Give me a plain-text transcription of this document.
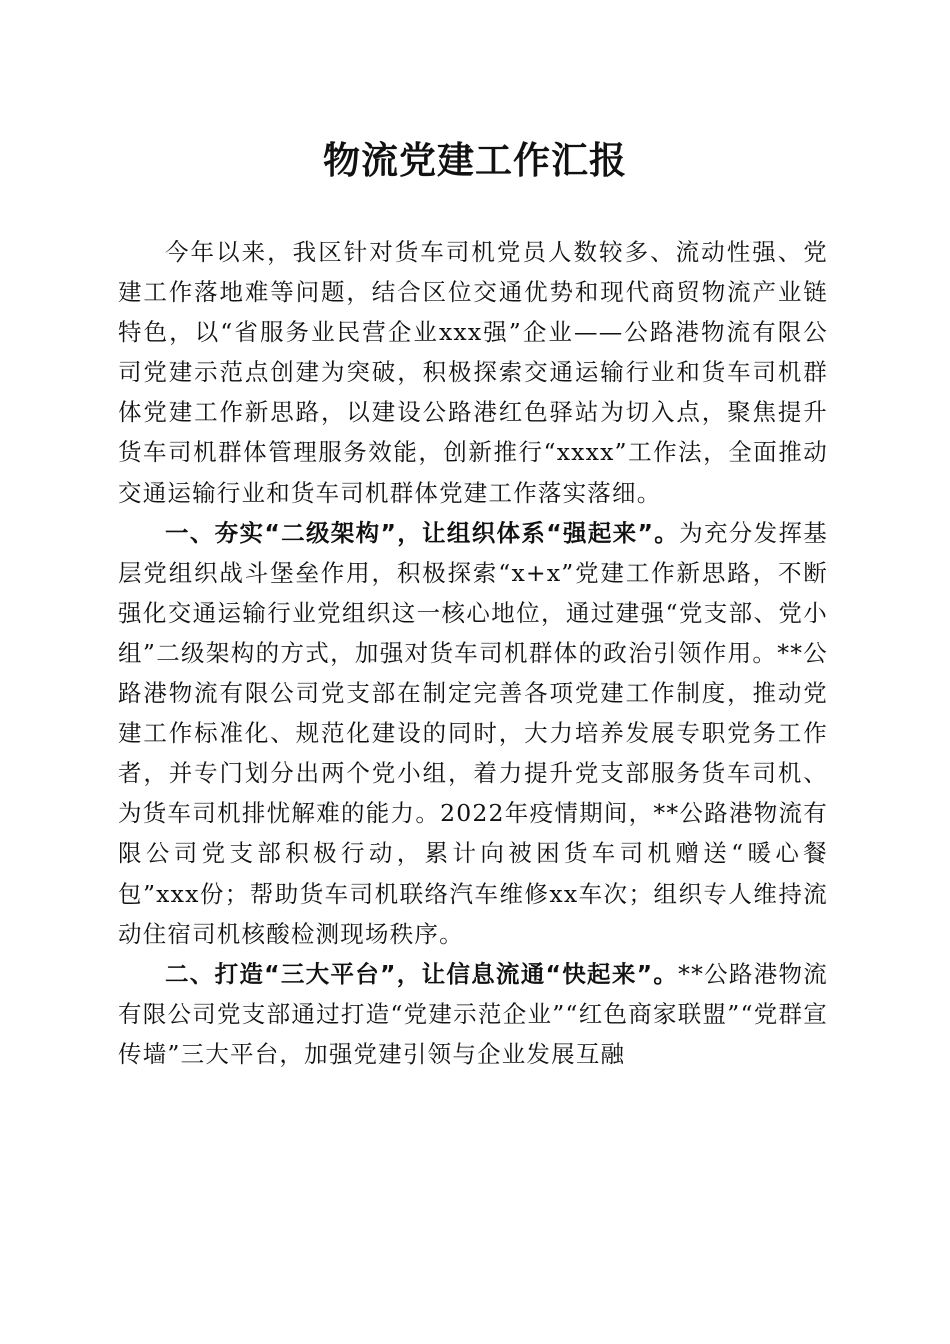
物流党建工作汇报

今年以来，我区针对货车司机党员人数较多、流动性强、党建工作落地难等问题，结合区位交通优势和现代商贸物流产业链特色，以“省服务业民营企业xxx强”企业——公路港物流有限公司党建示范点创建为突破，积极探索交通运输行业和货车司机群体党建工作新思路，以建设公路港红色驿站为切入点，聚焦提升货车司机群体管理服务效能，创新推行“xxxx”工作法，全面推动交通运输行业和货车司机群体党建工作落实落细。

一、夯实“二级架构”，让组织体系“强起来”。为充分发挥基层党组织战斗堡垒作用，积极探索“x+x”党建工作新思路，不断强化交通运输行业党组织这一核心地位，通过建强“党支部、党小组”二级架构的方式，加强对货车司机群体的政治引领作用。**公路港物流有限公司党支部在制定完善各项党建工作制度，推动党建工作标准化、规范化建设的同时，大力培养发展专职党务工作者，并专门划分出两个党小组，着力提升党支部服务货车司机、为货车司机排忧解难的能力。2022年疫情期间，**公路港物流有限公司党支部积极行动，累计向被困货车司机赠送“暖心餐包”xxx份；帮助货车司机联络汽车维修xx车次；组织专人维持流动住宿司机核酸检测现场秩序。

二、打造“三大平台”，让信息流通“快起来”。**公路港物流有限公司党支部通过打造“党建示范企业”“红色商家联盟”“党群宣传墙”三大平台，加强党建引领与企业发展互融
